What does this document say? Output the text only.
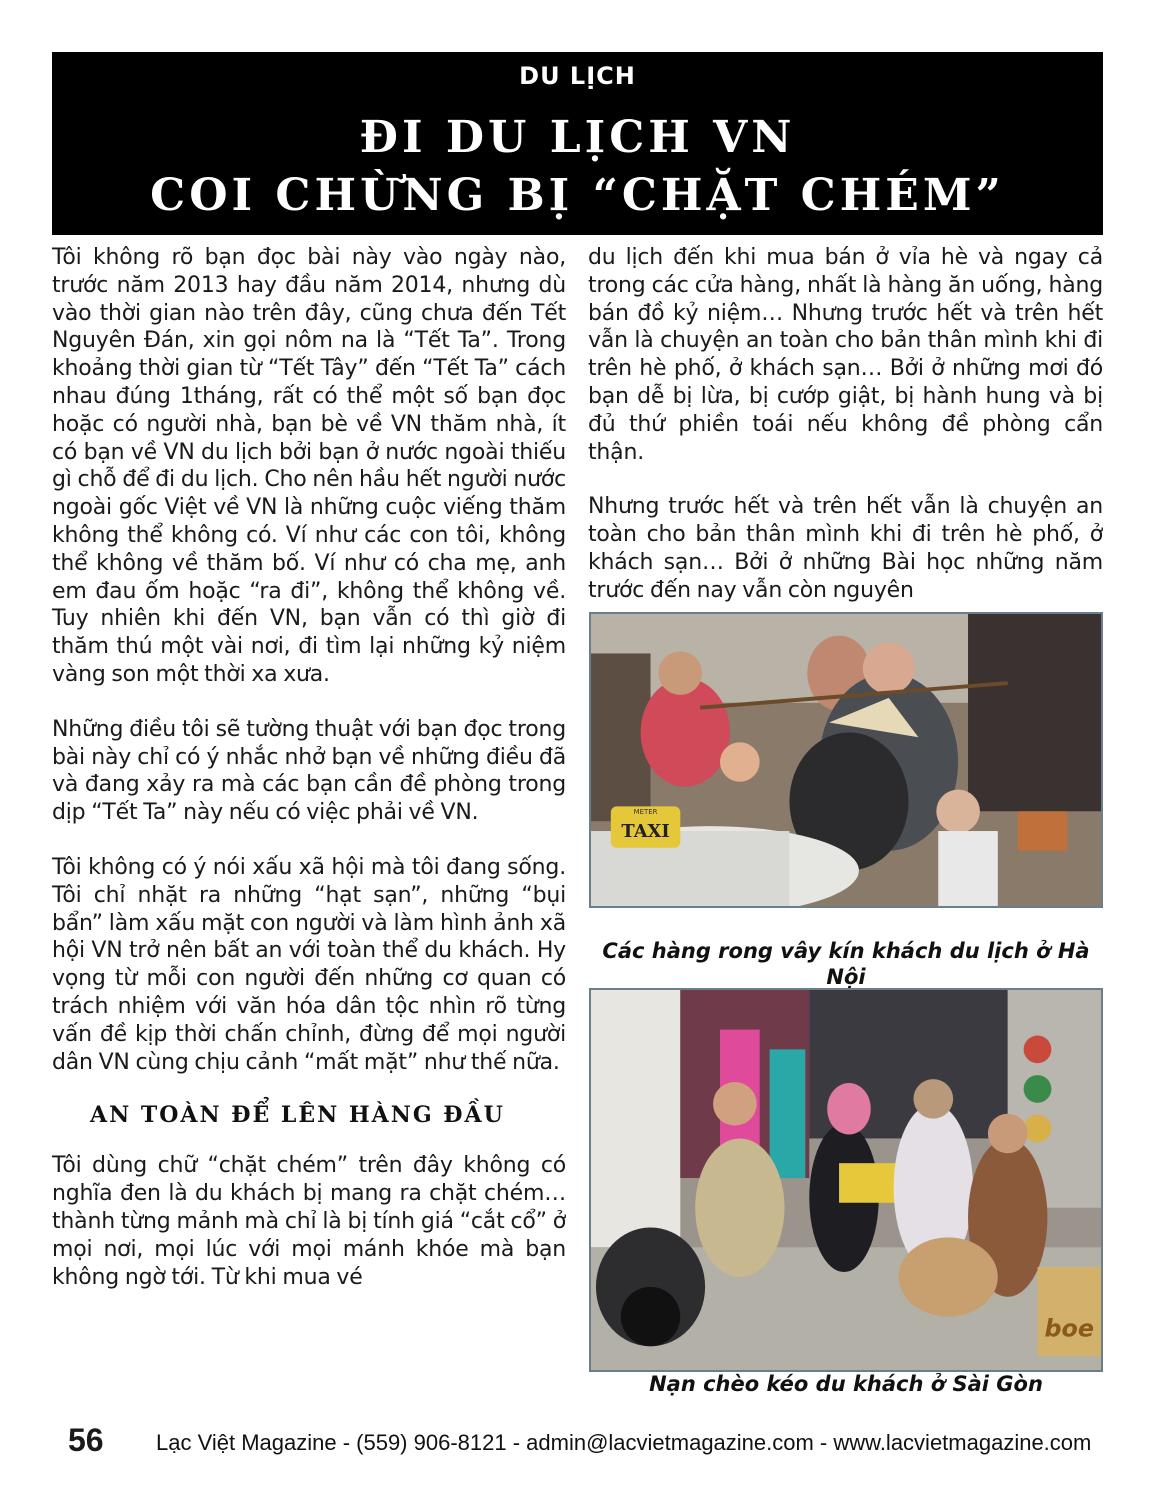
DU LỊCH
ĐI DU LỊCH VN
COI CHỪNG BỊ “CHẶT CHÉM”

Tôi không rõ bạn đọc bài này vào ngày nào, trước năm 2013 hay đầu năm 2014, nhưng dù vào thời gian nào trên đây, cũng chưa đến Tết Nguyên Đán, xin gọi nôm na là “Tết Ta”. Trong khoảng thời gian từ “Tết Tây” đến “Tết Ta” cách nhau đúng 1tháng, rất có thể một số bạn đọc hoặc có người nhà, bạn bè về VN thăm nhà, ít có bạn về VN du lịch bởi bạn ở nước ngoài thiếu gì chỗ để đi du lịch. Cho nên hầu hết người nước ngoài gốc Việt về VN là những cuộc viếng thăm không thể không có. Ví như các con tôi, không thể không về thăm bố. Ví như có cha mẹ, anh em đau ốm hoặc “ra đi”, không thể không về. Tuy nhiên khi đến VN, bạn vẫn có thì giờ đi thăm thú một vài nơi, đi tìm lại những kỷ niệm vàng son một thời xa xưa.

Những điều tôi sẽ tường thuật với bạn đọc trong bài này chỉ có ý nhắc nhở bạn về những điều đã và đang xảy ra mà các bạn cần đề phòng trong dịp “Tết Ta” này nếu có việc phải về VN.

Tôi không có ý nói xấu xã hội mà tôi đang sống. Tôi chỉ nhặt ra những “hạt sạn”, những “bụi bẩn” làm xấu mặt con người và làm hình ảnh xã hội VN trở nên bất an với toàn thể du khách. Hy vọng từ mỗi con người đến những cơ quan có trách nhiệm với văn hóa dân tộc nhìn rõ từng vấn đề kịp thời chấn chỉnh, đừng để mọi người dân VN cùng chịu cảnh “mất mặt” như thế nữa.

AN TOÀN ĐỂ LÊN HÀNG ĐẦU

Tôi dùng chữ “chặt chém” trên đây không có nghĩa đen là du khách bị mang ra chặt chém… thành từng mảnh mà chỉ là bị tính giá “cắt cổ” ở mọi nơi, mọi lúc với mọi mánh khóe mà bạn không ngờ tới. Từ khi mua vé

du lịch đến khi mua bán ở vỉa hè và ngay cả trong các cửa hàng, nhất là hàng ăn uống, hàng bán đồ kỷ niệm… Nhưng trước hết và trên hết vẫn là chuyện an toàn cho bản thân mình khi đi trên hè phố, ở khách sạn… Bởi ở những mơi đó bạn dễ bị lừa, bị cướp giật, bị hành hung và bị đủ thứ phiền toái nếu không đề phòng cẩn thận.

Nhưng trước hết và trên hết vẫn là chuyện an toàn cho bản thân mình khi đi trên hè phố, ở khách sạn… Bởi ở những Bài học những năm trước đến nay vẫn còn nguyên

METER
TAXI
Các hàng rong vây kín khách du lịch ở Hà Nội
boe
Nạn chèo kéo du khách ở Sài Gòn
56 Lạc Việt Magazine - (559) 906-8121 - admin@lacvietmagazine.com - www.lacvietmagazine.com
